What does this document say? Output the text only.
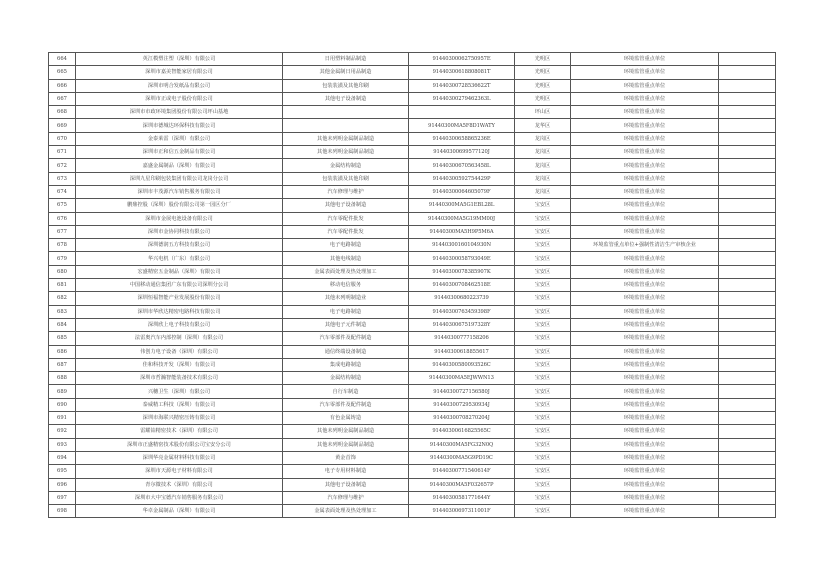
664	英江模塑注塑（深圳）有限公司	日用塑料制品制造	91440300062750957E	光明区	环境监管重点单位	
665	深圳市嘉美智能家居有限公司	其他金属制日用品制造	91440300618808081T	光明区	环境监管重点单位	
666	深圳市明合发纸品有限公司	包装装潢及其他印刷	91440300728536622T	光明区	环境监管重点单位	
667	深圳市正或电子股份有限公司	其他电子设备制造	91440300279462363L	光明区	环境监管重点单位	
668	深圳市市政环境集团股份有限公司坪山基地			坪山区	环境监管重点单位	
669	深圳市德城达环保科技有限公司		91440300MA5F8D1WATY	龙华区	环境监管重点单位	
670	金泰莱雷（深圳）有限公司	其他未列明金属制品制造	91440300658865236E	龙岗区	环境监管重点单位	
671	深圳市正和信五金制品有限公司	其他未列明金属制品制造	91440300699577120J	龙岗区	环境监管重点单位	
672	嘉盛金属制品（深圳）有限公司	金属结构制造	91440300670563458L	龙岗区	环境监管重点单位	
673	深圳九星印刷包装集团有限公司龙岗分公司	包装装潢及其他印刷	91440300592754429P	龙岗区	环境监管重点单位	
674	深圳市丰茂源汽车销售服务有限公司	汽车修理与维护	91440300064605079F	龙岗区	环境监管重点单位	
675	鹏鼎控股（深圳）股份有限公司第一园区分厂	其他电子设备制造	91440300MA5G1EBL28L	宝安区	环境监管重点单位	
676	深圳市金展电池设备有限公司	汽车零配件批发	91440300MA5G19MM00J	宝安区	环境监管重点单位	
677	深圳市金协同科技有限公司	汽车零配件批发	91440300MA5H9P5M6A	宝安区	环境监管重点单位	
678	深圳德润五方科技有限公司	电子电路制造	91440300160104930N	宝安区	环境监管重点单位+强制性清洁生产审核企业	
679	华兴电机（广东）有限公司	其他电线制造	91440300058793049E	宝安区	环境监管重点单位	
680	宏盛精密五金制品（深圳）有限公司	金属表面处理及热处理加工	91440300078385907K	宝安区	环境监管重点单位	
681	中国移动通信集团广东有限公司深圳分公司	移动电信服务	91440300708462518E	宝安区	环境监管重点单位	
682	深圳恒福智能产业发展股份有限公司	其他未列明制造业	91440300680223739	宝安区	环境监管重点单位	
683	深圳市华欣达精密电路科技有限公司	电子电路制造	91440300763459398F	宝安区	环境监管重点单位	
684	深圳欣上电子科技有限公司	其他电子元件制造	91440300675197328Y	宝安区	环境监管重点单位	
685	法雷奥汽车内部控制（深圳）有限公司	汽车零部件及配件制造	91440300777158206	宝安区	环境监管重点单位	
686	伟创力电子设备（深圳）有限公司	通信终端设备制造	91440300618855617	宝安区	环境监管重点单位	
687	佳和科技开发（深圳）有限公司	集成电路制造	91440300580093526C	宝安区	环境监管重点单位	
688	深圳市哲瀚智能装备技术有限公司	金属结构制造	91440300MA5EJWWN13	宝安区	环境监管重点单位	
689	兴穗卫生（深圳）有限公司	自行车制造	91440300727156580J	宝安区	环境监管重点单位	
690	泰威精工科技（深圳）有限公司	汽车零部件及配件制造	91440300729530934J	宝安区	环境监管重点单位	
691	深圳市海联兴精密压铸有限公司	有色金属铸造	91440300708270204J	宝安区	环境监管重点单位	
692	雷耀铂精密技术（深圳）有限公司	其他未列明金属制品制造	91440300616825565C	宝安区	环境监管重点单位	
693	深圳市正盛精密技术股份有限公司宝安分公司	其他未列明金属制品制造	91440300MA5FG32N0Q	宝安区	环境监管重点单位	
694	深圳华亮金属材料科技有限公司	黄金首饰	91440300MA5G9PD19C	宝安区	环境监管重点单位	
695	深圳市天源电子材料有限公司	电子专用材料制造	91440300771540614F	宝安区	环境监管重点单位	
696	青尔微技术（深圳）有限公司	其他电子设备制造	91440300MA5F032657P	宝安区	环境监管重点单位	
697	深圳市大中宝德汽车销售服务有限公司	汽车修理与维护	91440300581771644Y	宝安区	环境监管重点单位	
698	华卓金属制品（深圳）有限公司	金属表面处理及热处理加工	91440300697311001F	宝安区	环境监管重点单位	
